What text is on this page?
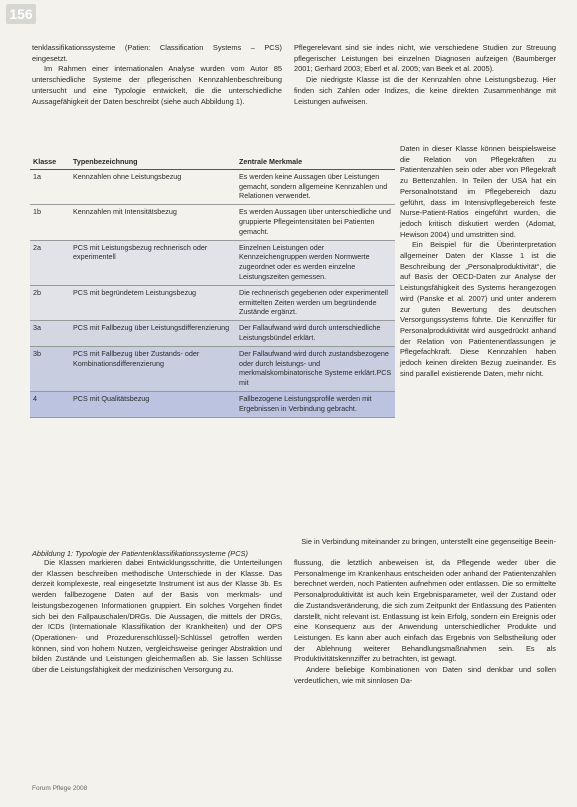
156

tenklassifikationssysteme (Patien: Classification Systems – PCS) eingesetzt.

Im Rahmen einer internationalen Analyse wurden vom Autor 85 unterschiedliche Systeme der pflegerischen Kennzahlenbeschreibung untersucht und eine Typologie entwickelt, die die unterschiedliche Aussagefähigkeit der Daten beschreibt (siehe auch Abbildung 1).

Pflegerelevant sind sie indes nicht, wie verschiedene Studien zur Streuung pflegerischer Leistungen bei einzelnen Diagnosen aufzeigen (Baumberger 2001; Gerhard 2003; Eberl et al. 2005; van Beek et al. 2005).

Die niedrigste Klasse ist die der Kennzahlen ohne Leistungsbezug. Hier finden sich Zahlen oder Indizes, die keine direkten Zusammenhänge mit Leistungen aufweisen.

Daten in dieser Klasse können beispielsweise die Relation von Pflegekräften zu Patientenzahlen sein oder aber von Pflegekraft zu Bettenzahlen. In Teilen der USA hat ein Personalnotstand im Pflegebereich dazu geführt, dass im Intensivpflegebereich feste Nurse-Patient-Ratios eingeführt wurden, die jedoch kritisch diskutiert werden (Adomat, Hewison 2004) und umstritten sind.

Ein Beispiel für die Überinterpretation allgemeiner Daten der Klasse 1 ist die Beschreibung der „Personalproduktivität“, die auf Basis der OECD-Daten zur Analyse der Leistungsfähigkeit des Systems herangezogen wird (Panske et al. 2007) und unter anderem zur guten Bewertung des deutschen Versorgungssystems führte. Die Kennziffer für Personalproduktivität wird ausgedrückt anhand der Relation von Patientenentlassungen je Pflegefachkraft. Diese Kennzahlen haben jedoch keinen direkten Bezug zueinander. Es sind parallel existierende Daten, mehr nicht.

Klasse	Typenbezeichnung	Zentrale Merkmale
1a	Kennzahlen ohne Leistungsbezug	Es werden keine Aussagen über Leistungen gemacht, sondern allgemeine Kennzahlen und Relationen verwendet.
1b	Kennzahlen mit Intensitätsbezug	Es werden Aussagen über unterschiedliche und gruppierte Pflegeintensitäten bei Patienten gemacht.
2a	PCS mit Leistungsbezug rechnerisch oder experimentell	Einzelnen Leistungen oder Kennzeichengruppen werden Normwerte zugeordnet oder es werden einzelne Leistungszeiten gemessen.
2b	PCS mit begründetem Leistungsbezug	Die rechnerisch gegebenen oder experimentell ermittelten Zeiten werden um begründende Zustände ergänzt.
3a	PCS mit Fallbezug über Leistungsdifferenzierung	Der Fallaufwand wird durch unterschiedliche Leistungsbündel erklärt.
3b	PCS mit Fallbezug über Zustands- oder Kombinationsdifferenzierung	Der Fallaufwand wird durch zustandsbezogene oder durch leistungs- und merkmalskombinatorische Systeme erklärt.PCS mit
4	PCS mit Qualitätsbezug	Fallbezogene Leistungsprofile werden mit Ergebnissen in Verbindung gebracht.
Abbildung 1: Typologie der Patientenklassifikationssysteme (PCS)
Sie in Verbindung miteinander zu bringen, unterstellt eine gegenseitige Beein-

Die Klassen markieren dabei Entwicklungsschritte, die Unterteilungen der Klassen beschreiben methodische Unterschiede in der Klasse. Das derzeit komplexeste, real eingesetzte Instrument ist aus der Klasse 3b. Es werden fallbezogene Daten auf der Basis von merkmals- und leistungsbezogenen Informationen gruppiert. Ein solches Vorgehen findet sich bei den Fallpauschalen/DRGs. Die Aussagen, die mittels der DRGs, der ICDs (Internationale Klassifikation der Krankheiten) und der OPS (Operationen- und Prozedurenschlüssel)-Schlüssel getroffen werden können, sind von hohem Nutzen, vergleichsweise geringer Abstraktion und bilden Zustände und Leistungen gleichermaßen ab. Sie lassen Schlüsse über die Leistungsfähigkeit der medizinischen Versorgung zu.

flussung, die letztlich anbeweisen ist, da Pflegende weder über die Personalmenge im Krankenhaus entscheiden oder anhand der Patientenzahlen berechnet werden, noch Patienten aufnehmen oder entlassen. Die so ermittelte Personalproduktivität ist auch kein Ergebnisparameter, weil der Zustand oder die Zustandsveränderung, die sich zum Zeitpunkt der Entlassung des Patienten darstellt, nicht relevant ist. Entlassung ist kein Erfolg, sondern ein Ereignis oder eine Konsequenz aus der Anwendung unterschiedlicher Produkte und Leistungen. Es kann aber auch einfach das Ergebnis von Selbstheilung oder der Ablehnung weiterer Behandlungsmaßnahmen sein. Es als Produktivitätskennziffer zu betrachten, ist gewagt.

Andere beliebige Kombinationen von Daten sind denkbar und sollen verdeutlichen, wie mit sinnlosen Da-

Forum Pflege 2008
